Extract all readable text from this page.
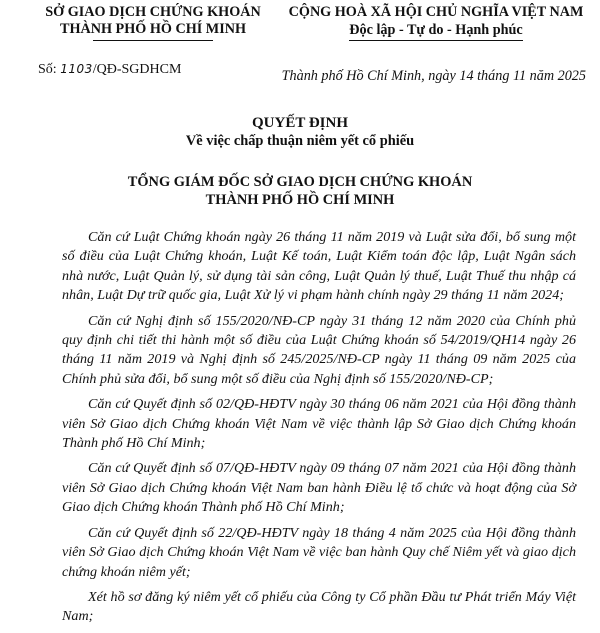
SỞ GIAO DỊCH CHỨNG KHOÁN
THÀNH PHỐ HỒ CHÍ MINH
Số: 1103/QĐ-SGDHCM
CỘNG HOÀ XÃ HỘI CHỦ NGHĨA VIỆT NAM
Độc lập - Tự do - Hạnh phúc
Thành phố Hồ Chí Minh, ngày 14 tháng 11 năm 2025
QUYẾT ĐỊNH
Về việc chấp thuận niêm yết cổ phiếu
TỔNG GIÁM ĐỐC SỞ GIAO DỊCH CHỨNG KHOÁN
THÀNH PHỐ HỒ CHÍ MINH

Căn cứ Luật Chứng khoán ngày 26 tháng 11 năm 2019 và Luật sửa đổi, bổ sung một số điều của Luật Chứng khoán, Luật Kế toán, Luật Kiểm toán độc lập, Luật Ngân sách nhà nước, Luật Quản lý, sử dụng tài sản công, Luật Quản lý thuế, Luật Thuế thu nhập cá nhân, Luật Dự trữ quốc gia, Luật Xử lý vi phạm hành chính ngày 29 tháng 11 năm 2024;

Căn cứ Nghị định số 155/2020/NĐ-CP ngày 31 tháng 12 năm 2020 của Chính phủ quy định chi tiết thi hành một số điều của Luật Chứng khoán số 54/2019/QH14 ngày 26 tháng 11 năm 2019 và Nghị định số 245/2025/NĐ-CP ngày 11 tháng 09 năm 2025 của Chính phủ sửa đổi, bổ sung một số điều của Nghị định số 155/2020/NĐ-CP;

Căn cứ Quyết định số 02/QĐ-HĐTV ngày 30 tháng 06 năm 2021 của Hội đồng thành viên Sở Giao dịch Chứng khoán Việt Nam về việc thành lập Sở Giao dịch Chứng khoán Thành phố Hồ Chí Minh;

Căn cứ Quyết định số 07/QĐ-HĐTV ngày 09 tháng 07 năm 2021 của Hội đồng thành viên Sở Giao dịch Chứng khoán Việt Nam ban hành Điều lệ tổ chức và hoạt động của Sở Giao dịch Chứng khoán Thành phố Hồ Chí Minh;

Căn cứ Quyết định số 22/QĐ-HĐTV ngày 18 tháng 4 năm 2025 của Hội đồng thành viên Sở Giao dịch Chứng khoán Việt Nam về việc ban hành Quy chế Niêm yết và giao dịch chứng khoán niêm yết;

Xét hồ sơ đăng ký niêm yết cổ phiếu của Công ty Cổ phần Đầu tư Phát triển Máy Việt Nam;
